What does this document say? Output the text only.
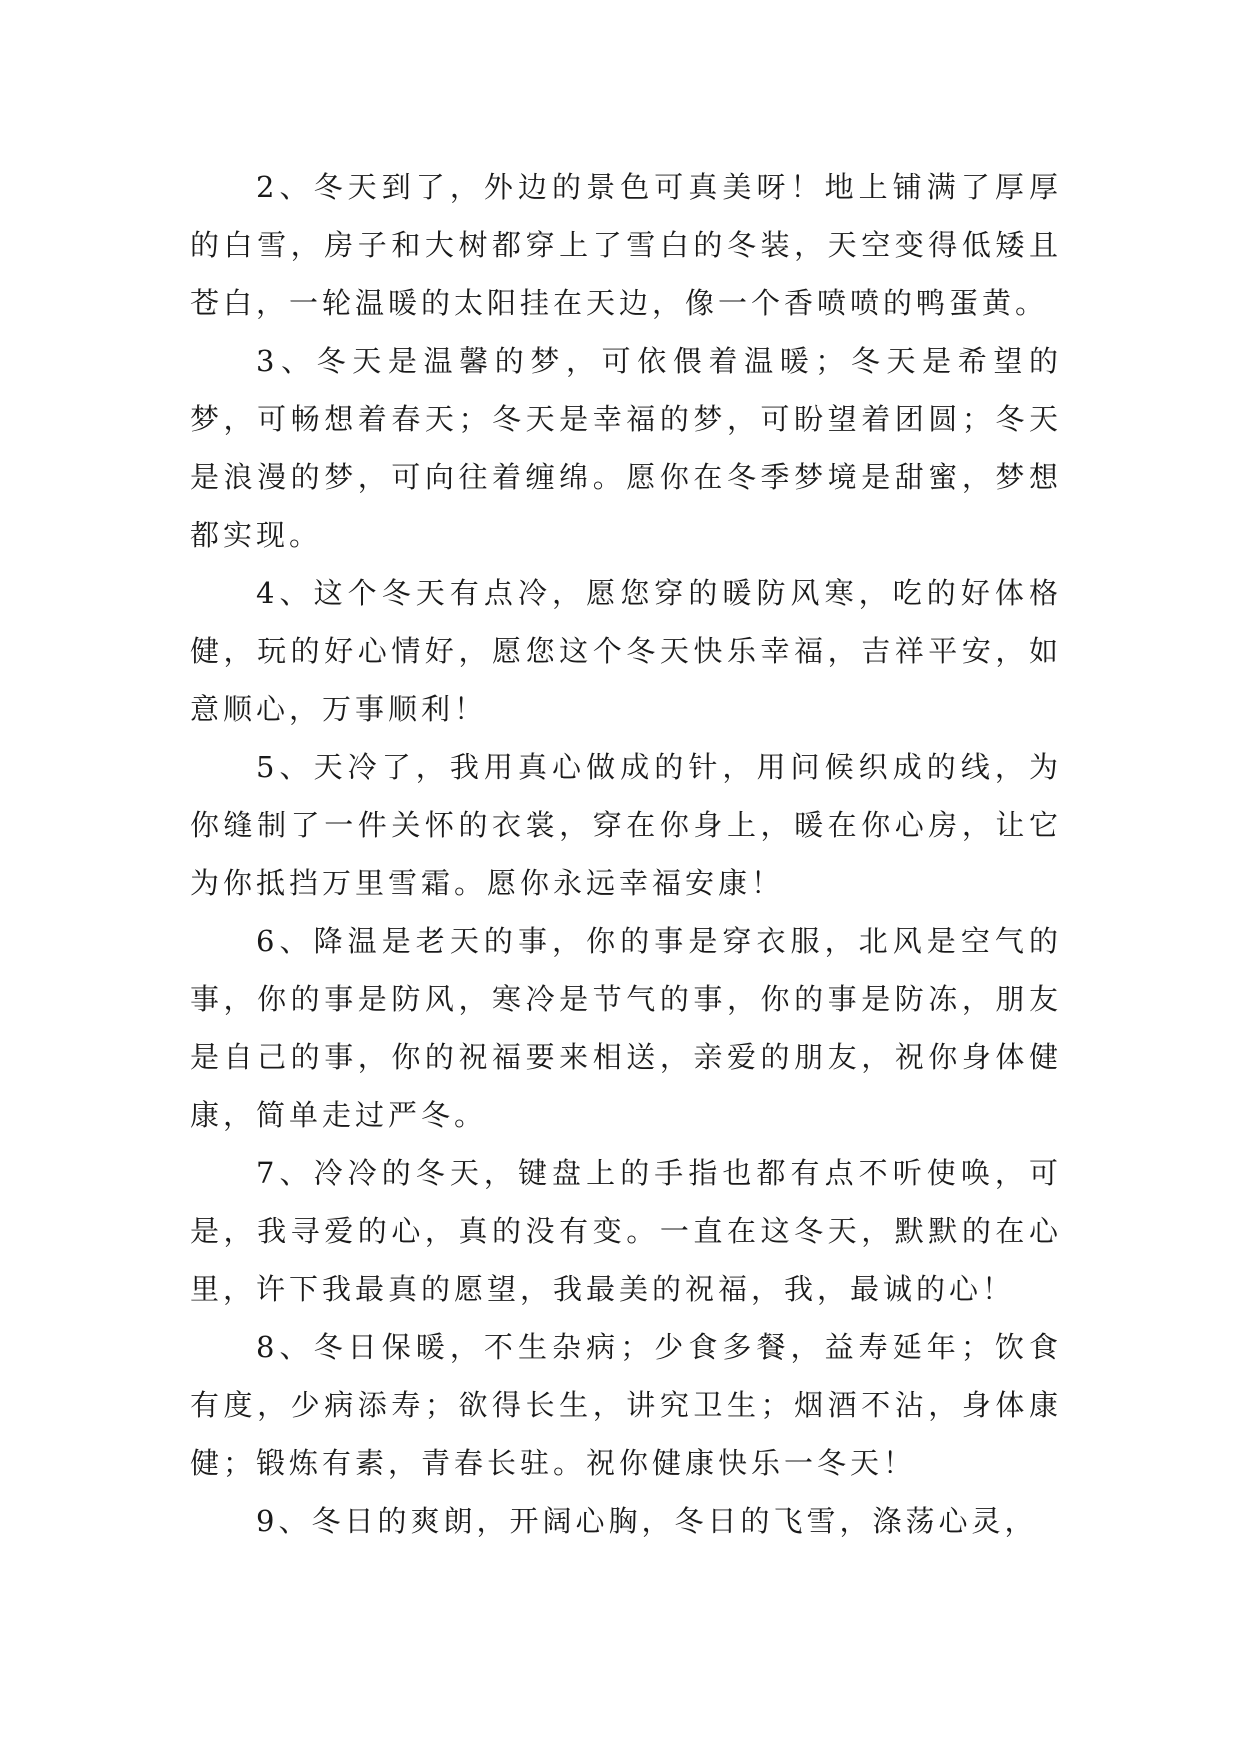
2、冬天到了，外边的景色可真美呀！地上铺满了厚厚的白雪，房子和大树都穿上了雪白的冬装，天空变得低矮且苍白，一轮温暖的太阳挂在天边，像一个香喷喷的鸭蛋黄。

3、冬天是温馨的梦，可依偎着温暖；冬天是希望的梦，可畅想着春天；冬天是幸福的梦，可盼望着团圆；冬天是浪漫的梦，可向往着缠绵。愿你在冬季梦境是甜蜜，梦想都实现。

4、这个冬天有点冷，愿您穿的暖防风寒，吃的好体格健，玩的好心情好，愿您这个冬天快乐幸福，吉祥平安，如意顺心，万事顺利！

5、天冷了，我用真心做成的针，用问候织成的线，为你缝制了一件关怀的衣裳，穿在你身上，暖在你心房，让它为你抵挡万里雪霜。愿你永远幸福安康！

6、降温是老天的事，你的事是穿衣服，北风是空气的事，你的事是防风，寒冷是节气的事，你的事是防冻，朋友是自己的事，你的祝福要来相送，亲爱的朋友，祝你身体健康，简单走过严冬。

7、冷冷的冬天，键盘上的手指也都有点不听使唤，可是，我寻爱的心，真的没有变。一直在这冬天，默默的在心里，许下我最真的愿望，我最美的祝福，我，最诚的心！

8、冬日保暖，不生杂病；少食多餐，益寿延年；饮食有度，少病添寿；欲得长生，讲究卫生；烟酒不沾，身体康健；锻炼有素，青春长驻。祝你健康快乐一冬天！

9、冬日的爽朗，开阔心胸，冬日的飞雪，涤荡心灵，
